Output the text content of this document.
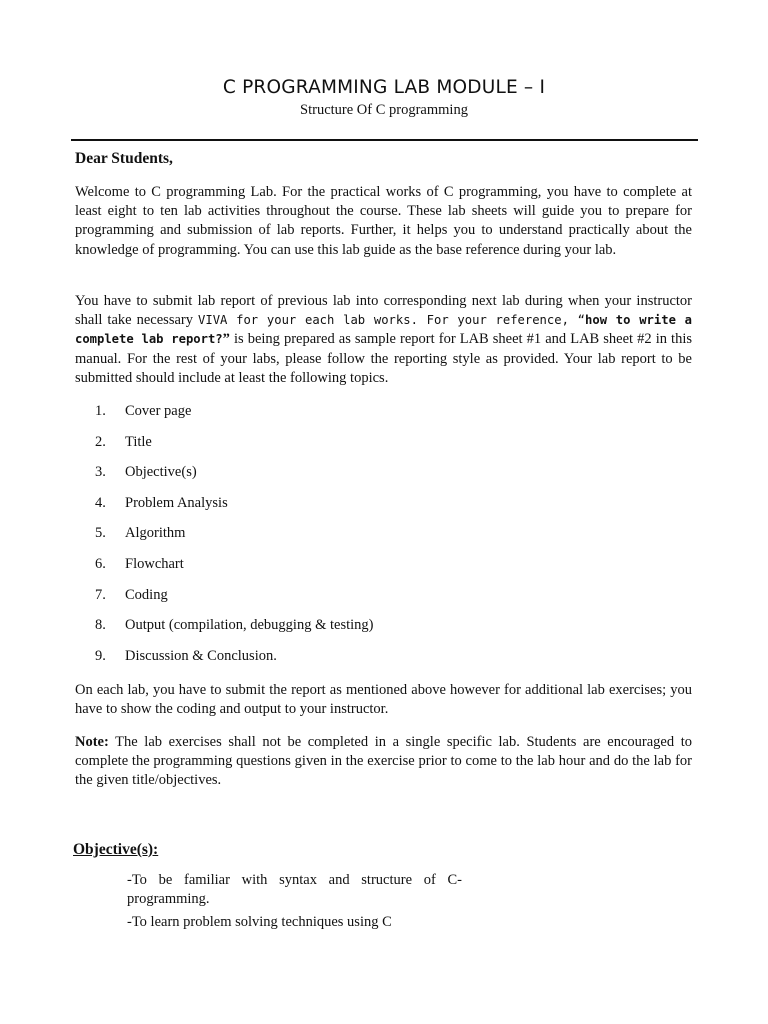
C PROGRAMMING LAB MODULE – I
Structure Of C programming
Dear Students,
Welcome to C programming Lab. For the practical works of C programming, you have to complete at least eight to ten lab activities throughout the course. These lab sheets will guide you to prepare for programming and submission of lab reports. Further, it helps you to understand practically about the knowledge of programming. You can use this lab guide as the base reference during your lab.
You have to submit lab report of previous lab into corresponding next lab during when your instructor shall take necessary VIVA for your each lab works. For your reference, “how to write a complete lab report?” is being prepared as sample report for LAB sheet #1 and LAB sheet #2 in this manual. For the rest of your labs, please follow the reporting style as provided. Your lab report to be submitted should include at least the following topics.
1.	Cover page
2.	Title
3.	Objective(s)
4.	Problem Analysis
5.	Algorithm
6.	Flowchart
7.	Coding
8.	Output (compilation, debugging & testing)
9.	Discussion & Conclusion.
On each lab, you have to submit the report as mentioned above however for additional lab exercises; you have to show the coding and output to your instructor.
Note: The lab exercises shall not be completed in a single specific lab. Students are encouraged to complete the programming questions given in the exercise prior to come to the lab hour and do the lab for the given title/objectives.
Objective(s):
-To be familiar with syntax and structure of C-programming.
-To learn problem solving techniques using C
